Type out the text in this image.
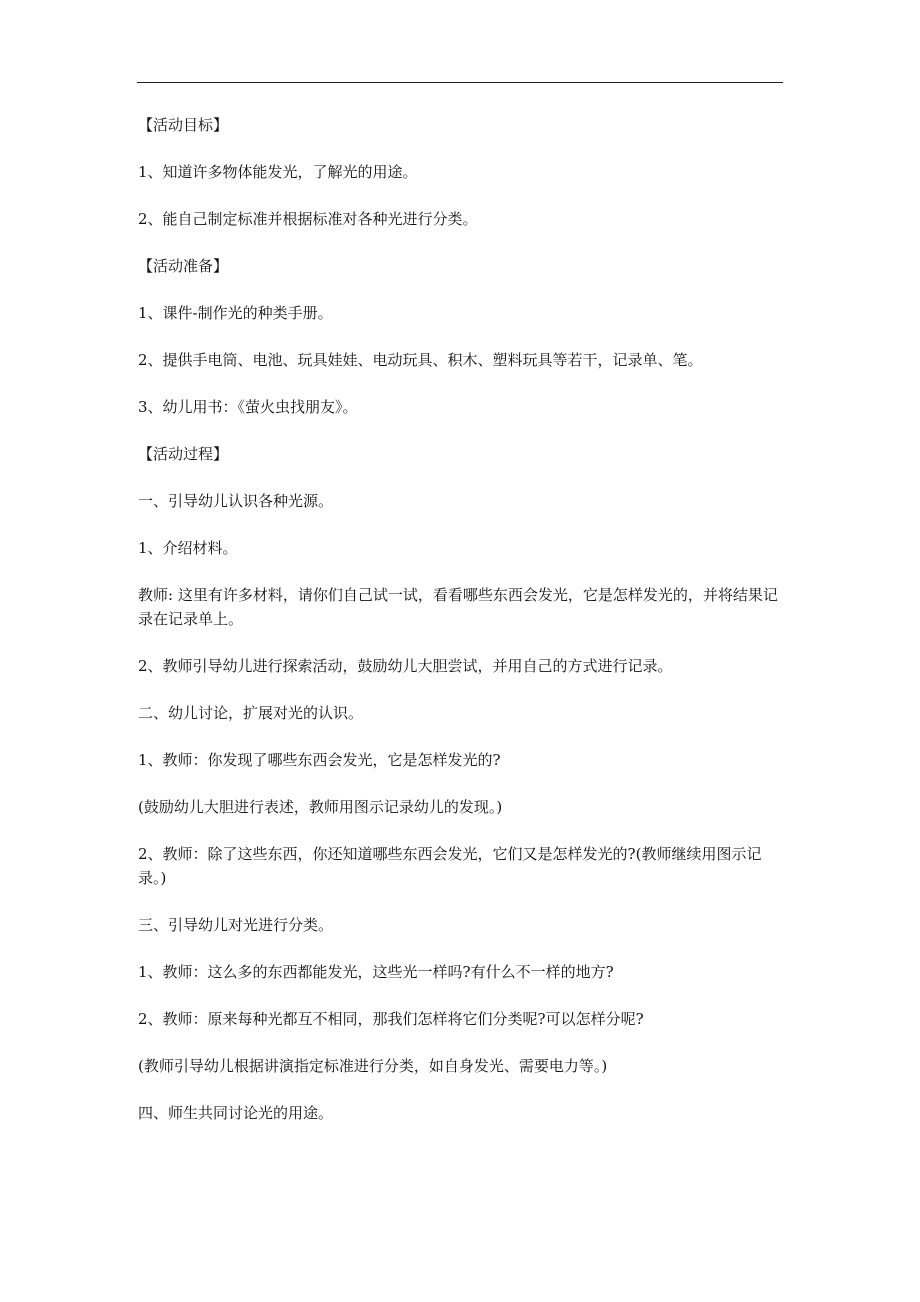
【活动目标】

1、知道许多物体能发光，了解光的用途。

2、能自己制定标准并根据标准对各种光进行分类。

【活动准备】

1、课件-制作光的种类手册。

2、提供手电筒、电池、玩具娃娃、电动玩具、积木、塑料玩具等若干，记录单、笔。

3、幼儿用书：《萤火虫找朋友》。

【活动过程】

一、引导幼儿认识各种光源。

1、介绍材料。

教师: 这里有许多材料，请你们自己试一试，看看哪些东西会发光，它是怎样发光的，并将结果记录在记录单上。

2、教师引导幼儿进行探索活动，鼓励幼儿大胆尝试，并用自己的方式进行记录。

二、幼儿讨论，扩展对光的认识。

1、教师：你发现了哪些东西会发光，它是怎样发光的?

(鼓励幼儿大胆进行表述，教师用图示记录幼儿的发现。)

2、教师：除了这些东西，你还知道哪些东西会发光，它们又是怎样发光的?(教师继续用图示记录。)

三、引导幼儿对光进行分类。

1、教师：这么多的东西都能发光，这些光一样吗?有什么不一样的地方?

2、教师：原来每种光都互不相同，那我们怎样将它们分类呢?可以怎样分呢?

(教师引导幼儿根据讲演指定标准进行分类，如自身发光、需要电力等。)

四、师生共同讨论光的用途。
